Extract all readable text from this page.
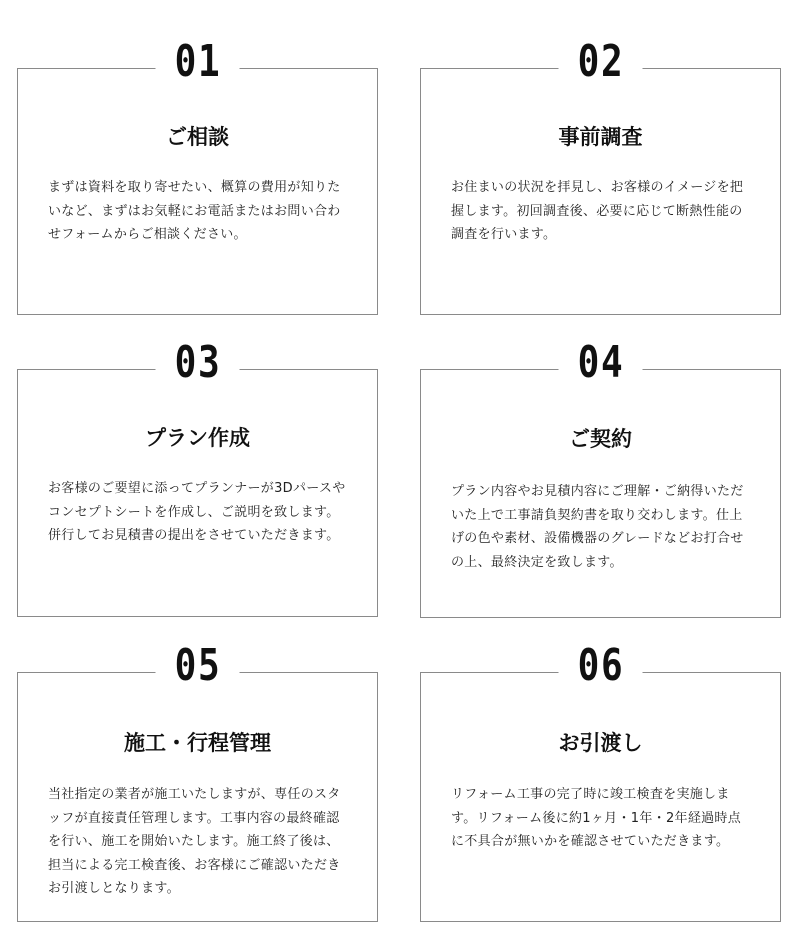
01
ご相談
まずは資料を取り寄せたい、概算の費用が知りた
いなど、まずはお気軽にお電話またはお問い合わ
せフォームからご相談ください。
02
事前調査
お住まいの状況を拝見し、お客様のイメージを把
握します。初回調査後、必要に応じて断熱性能の
調査を行います。
03
プラン作成
お客様のご要望に添ってプランナーが3Dパースや
コンセプトシートを作成し、ご説明を致します。
併行してお見積書の提出をさせていただきます。
04
ご契約
プラン内容やお見積内容にご理解・ご納得いただ
いた上で工事請負契約書を取り交わします。仕上
げの色や素材、設備機器のグレードなどお打合せ
の上、最終決定を致します。
05
施工・行程管理
当社指定の業者が施工いたしますが、専任のスタ
ッフが直接責任管理します。工事内容の最終確認
を行い、施工を開始いたします。施工終了後は、
担当による完工検査後、お客様にご確認いただき
お引渡しとなります。
06
お引渡し
リフォーム工事の完了時に竣工検査を実施しま
す。リフォーム後に約1ヶ月・1年・2年経過時点
に不具合が無いかを確認させていただきます。
